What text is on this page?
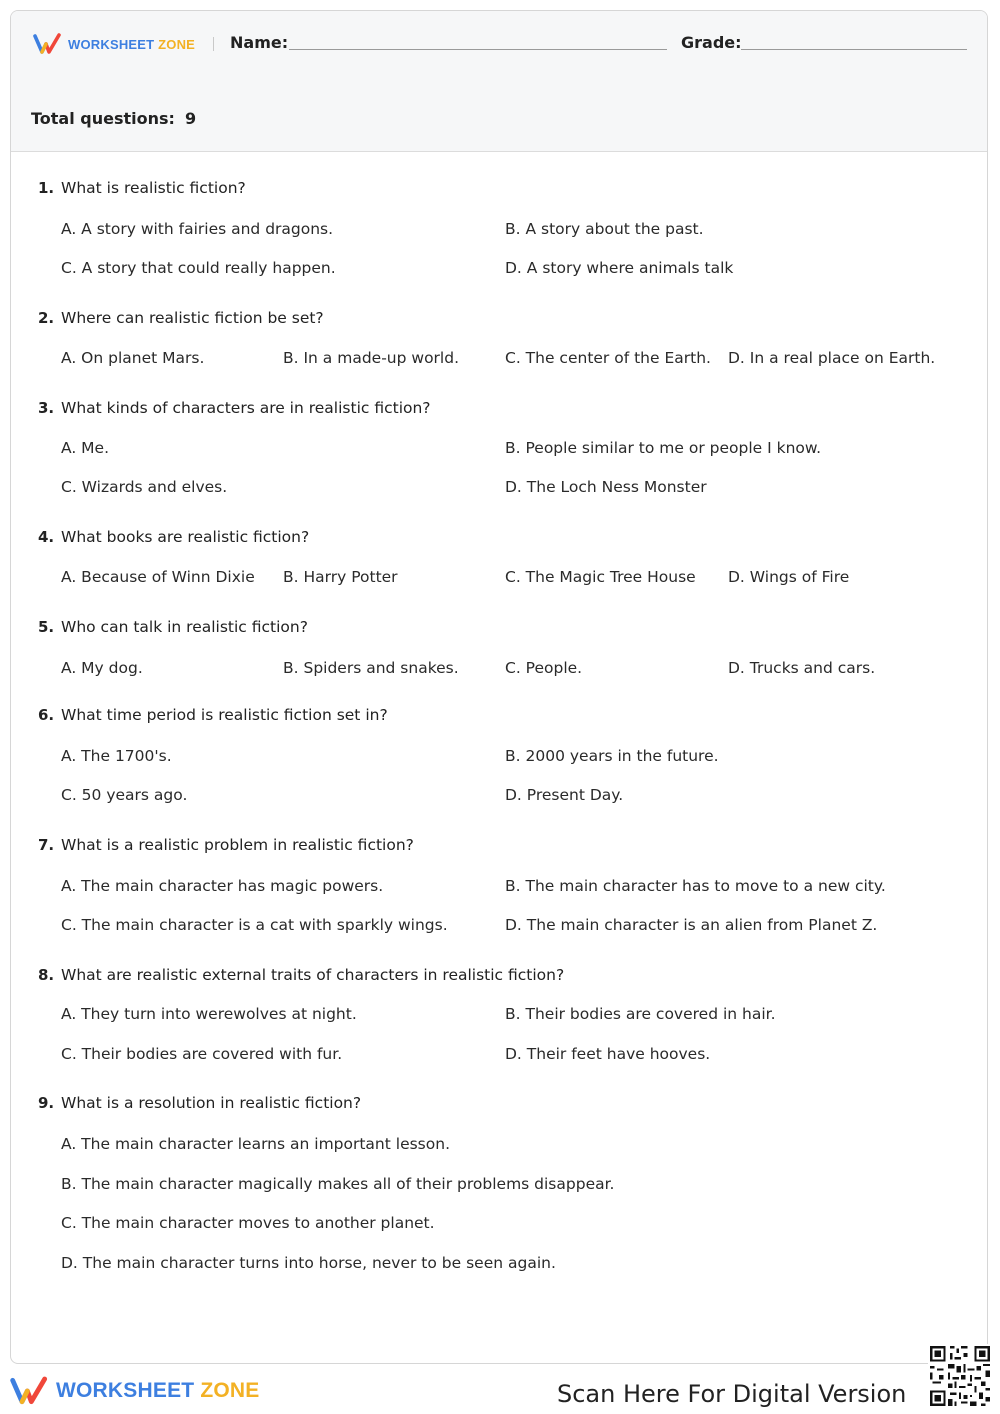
WORKSHEET ZONE Name:	Grade:
Total questions: 9
1. What is realistic fiction?
A. A story with fairies and dragons.	B. A story about the past.
C. A story that could really happen.	D. A story where animals talk
2. Where can realistic fiction be set?
A. On planet Mars.	B. In a made-up world.	C. The center of the Earth. D. In a real place on Earth.
3. What kinds of characters are in realistic fiction?
A. Me.	B. People similar to me or people I know.
C. Wizards and elves.	D. The Loch Ness Monster
4. What books are realistic fiction?
A. Because of Winn Dixie B. Harry Potter	C. The Magic Tree House D. Wings of Fire
5. Who can talk in realistic fiction?
A. My dog.	B. Spiders and snakes.	C. People.	D. Trucks and cars.
6. What time period is realistic fiction set in?
A. The 1700's.	B. 2000 years in the future.
C. 50 years ago.	D. Present Day.
7. What is a realistic problem in realistic fiction?
A. The main character has magic powers.	B. The main character has to move to a new city.
C. The main character is a cat with sparkly wings.	D. The main character is an alien from Planet Z.
8. What are realistic external traits of characters in realistic fiction?
A. They turn into werewolves at night.	B. Their bodies are covered in hair.
C. Their bodies are covered with fur.	D. Their feet have hooves.
9. What is a resolution in realistic fiction?
A. The main character learns an important lesson.
B. The main character magically makes all of their problems disappear.
C. The main character moves to another planet.
D. The main character turns into horse, never to be seen again.
WORKSHEET ZONE	Scan Here For Digital Version
